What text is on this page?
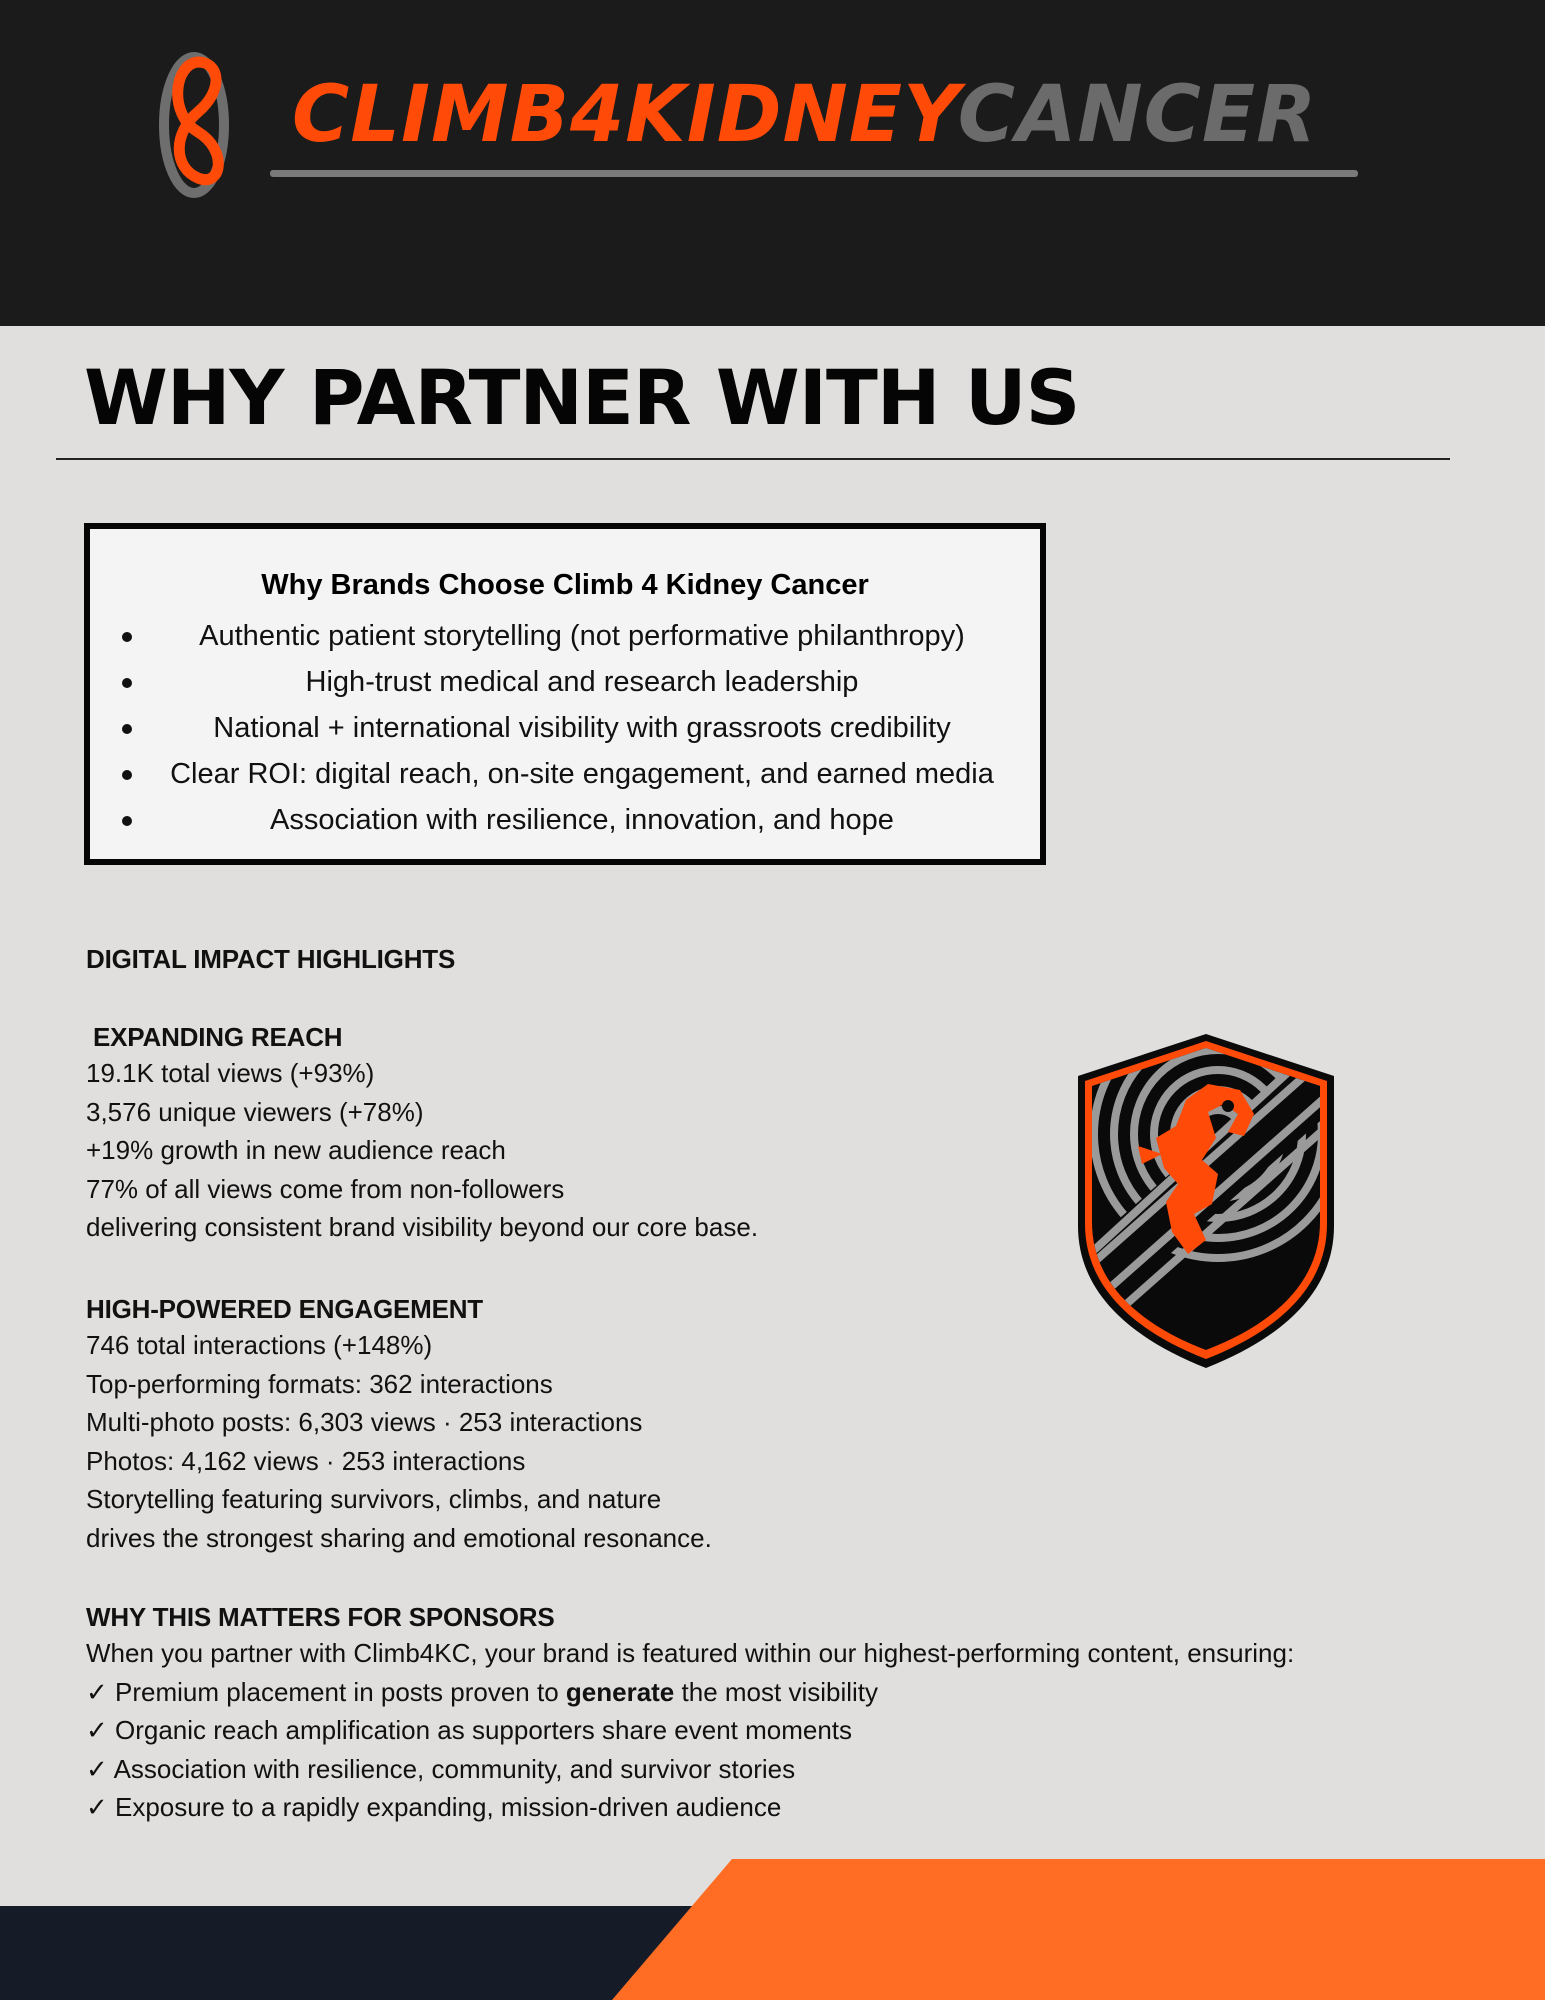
CLIMB4KIDNEYCANCER
WHY PARTNER WITH US
Why Brands Choose Climb 4 Kidney Cancer
Authentic patient storytelling (not performative philanthropy)
High-trust medical and research leadership
National + international visibility with grassroots credibility
Clear ROI: digital reach, on-site engagement, and earned media
Association with resilience, innovation, and hope
DIGITAL IMPACT HIGHLIGHTS
EXPANDING REACH
19.1K total views (+93%)
3,576 unique viewers (+78%)
+19% growth in new audience reach
77% of all views come from non-followers
delivering consistent brand visibility beyond our core base.
HIGH-POWERED ENGAGEMENT
746 total interactions (+148%)
Top-performing formats: 362 interactions
Multi-photo posts: 6,303 views · 253 interactions
Photos: 4,162 views · 253 interactions
Storytelling featuring survivors, climbs, and nature
drives the strongest sharing and emotional resonance.
WHY THIS MATTERS FOR SPONSORS
When you partner with Climb4KC, your brand is featured within our highest-performing content, ensuring:
✓ Premium placement in posts proven to generate the most visibility
✓ Organic reach amplification as supporters share event moments
✓ Association with resilience, community, and survivor stories
✓ Exposure to a rapidly expanding, mission-driven audience
